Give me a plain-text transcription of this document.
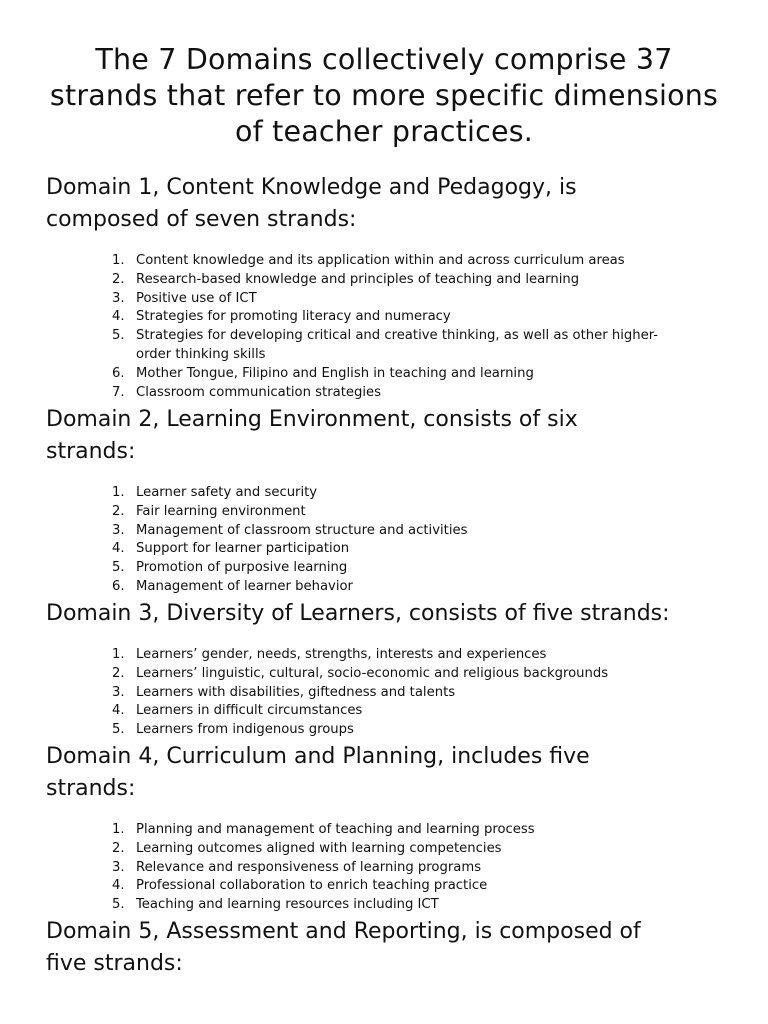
The 7 Domains collectively comprise 37
strands that refer to more specific dimensions
of teacher practices.
Domain 1, Content Knowledge and Pedagogy, is
composed of seven strands:
1. Content knowledge and its application within and across curriculum areas
2. Research-based knowledge and principles of teaching and learning
3. Positive use of ICT
4. Strategies for promoting literacy and numeracy
5. Strategies for developing critical and creative thinking, as well as other higher-
order thinking skills
6. Mother Tongue, Filipino and English in teaching and learning
7. Classroom communication strategies
Domain 2, Learning Environment, consists of six
strands:
1. Learner safety and security
2. Fair learning environment
3. Management of classroom structure and activities
4. Support for learner participation
5. Promotion of purposive learning
6. Management of learner behavior
Domain 3, Diversity of Learners, consists of five strands:
1. Learners’ gender, needs, strengths, interests and experiences
2. Learners’ linguistic, cultural, socio-economic and religious backgrounds
3. Learners with disabilities, giftedness and talents
4. Learners in difficult circumstances
5. Learners from indigenous groups
Domain 4, Curriculum and Planning, includes five
strands:
1. Planning and management of teaching and learning process
2. Learning outcomes aligned with learning competencies
3. Relevance and responsiveness of learning programs
4. Professional collaboration to enrich teaching practice
5. Teaching and learning resources including ICT
Domain 5, Assessment and Reporting, is composed of
five strands:
